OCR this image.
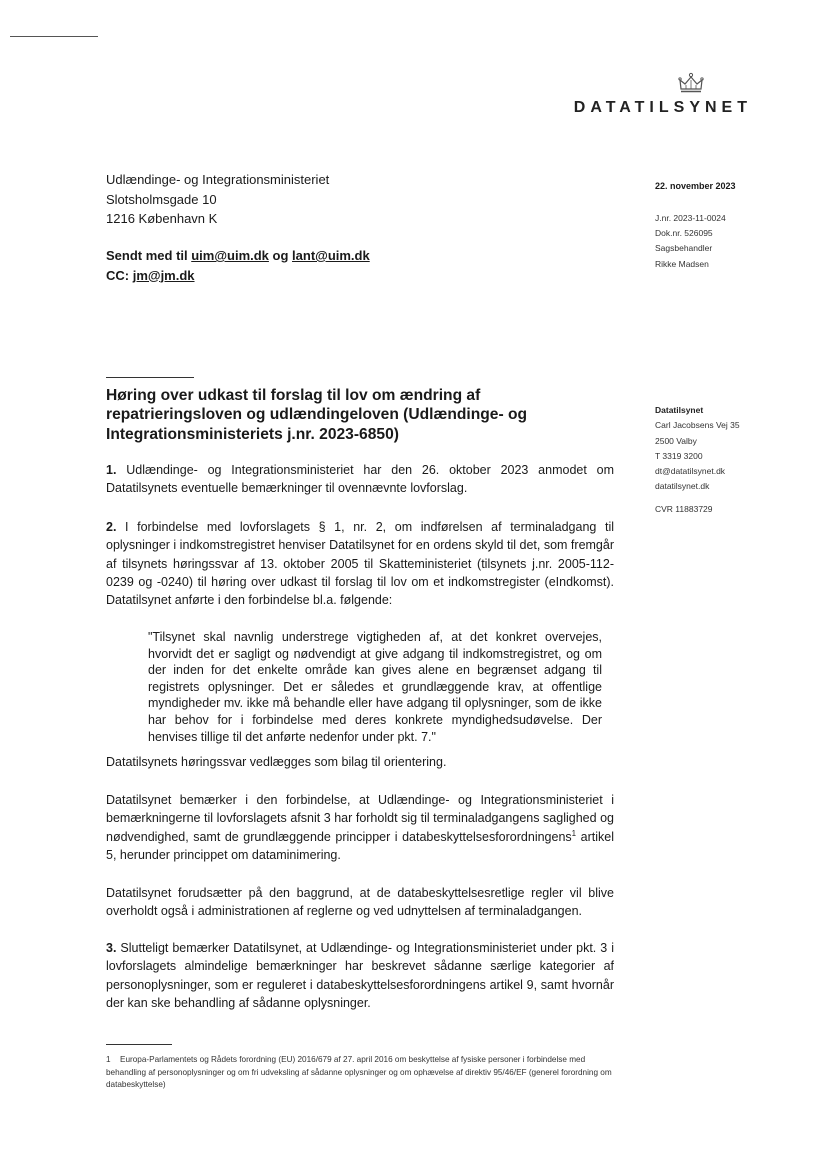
DATATILSYNET
Udlændinge- og Integrationsministeriet
Slotsholmsgade 10
1216 København K
Sendt med til uim@uim.dk og lant@uim.dk
CC: jm@jm.dk
22. november 2023
J.nr. 2023-11-0024
Dok.nr. 526095
Sagsbehandler
Rikke Madsen
Høring over udkast til forslag til lov om ændring af repatrieringsloven og udlændingeloven (Udlændinge- og Integrationsministeriets j.nr. 2023-6850)
Datatilsynet
Carl Jacobsens Vej 35
2500 Valby
T 3319 3200
dt@datatilsynet.dk
datatilsynet.dk
CVR 11883729
1. Udlændinge- og Integrationsministeriet har den 26. oktober 2023 anmodet om Datatilsynets eventuelle bemærkninger til ovennævnte lovforslag.
2. I forbindelse med lovforslagets § 1, nr. 2, om indførelsen af terminaladgang til oplysninger i indkomstregistret henviser Datatilsynet for en ordens skyld til det, som fremgår af tilsynets høringssvar af 13. oktober 2005 til Skatteministeriet (tilsynets j.nr. 2005-112-0239 og -0240) til høring over udkast til forslag til lov om et indkomstregister (eIndkomst). Datatilsynet anførte i den forbindelse bl.a. følgende:
"Tilsynet skal navnlig understrege vigtigheden af, at det konkret overvejes, hvorvidt det er sagligt og nødvendigt at give adgang til indkomstregistret, og om der inden for det enkelte område kan gives alene en begrænset adgang til registrets oplysninger. Det er således et grundlæggende krav, at offentlige myndigheder mv. ikke må behandle eller have adgang til oplysninger, som de ikke har behov for i forbindelse med deres konkrete myndighedsudøvelse. Der henvises tillige til det anførte nedenfor under pkt. 7."
Datatilsynets høringssvar vedlægges som bilag til orientering.
Datatilsynet bemærker i den forbindelse, at Udlændinge- og Integrationsministeriet i bemærkningerne til lovforslagets afsnit 3 har forholdt sig til terminaladgangens saglighed og nødvendighed, samt de grundlæggende principper i databeskyttelsesforordningens$^1$ artikel 5, herunder princippet om dataminimering.
Datatilsynet forudsætter på den baggrund, at de databeskyttelsesretlige regler vil blive overholdt også i administrationen af reglerne og ved udnyttelsen af terminaladgangen.
3. Slutteligt bemærker Datatilsynet, at Udlændinge- og Integrationsministeriet under pkt. 3 i lovforslagets almindelige bemærkninger har beskrevet sådanne særlige kategorier af personoplysninger, som er reguleret i databeskyttelsesforordningens artikel 9, samt hvornår der kan ske behandling af sådanne oplysninger.
1 Europa-Parlamentets og Rådets forordning (EU) 2016/679 af 27. april 2016 om beskyttelse af fysiske personer i forbindelse med behandling af personoplysninger og om fri udveksling af sådanne oplysninger og om ophævelse af direktiv 95/46/EF (generel forordning om databeskyttelse)
